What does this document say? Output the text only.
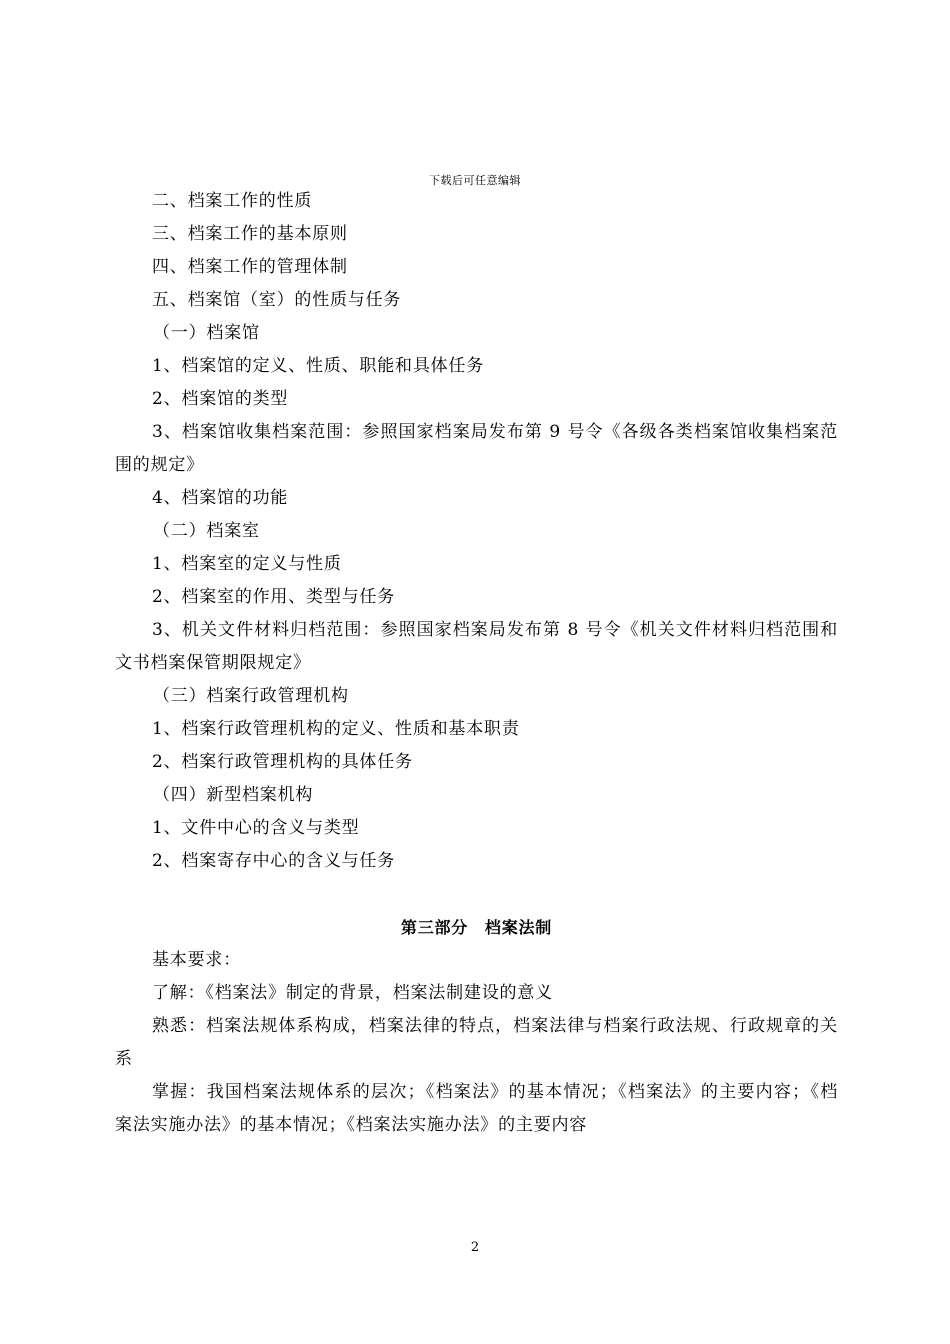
下载后可任意编辑
二、档案工作的性质
三、档案工作的基本原则
四、档案工作的管理体制
五、档案馆（室）的性质与任务
（一）档案馆
1、档案馆的定义、性质、职能和具体任务
2、档案馆的类型
3、档案馆收集档案范围：参照国家档案局发布第 9 号令《各级各类档案馆收集档案范围的规定》
4、档案馆的功能
（二）档案室
1、档案室的定义与性质
2、档案室的作用、类型与任务
3、机关文件材料归档范围：参照国家档案局发布第 8 号令《机关文件材料归档范围和文书档案保管期限规定》
（三）档案行政管理机构
1、档案行政管理机构的定义、性质和基本职责
2、档案行政管理机构的具体任务
（四）新型档案机构
1、文件中心的含义与类型
2、档案寄存中心的含义与任务
第三部分　档案法制
基本要求：
了解：《档案法》制定的背景，档案法制建设的意义
熟悉：档案法规体系构成，档案法律的特点，档案法律与档案行政法规、行政规章的关系
掌握：我国档案法规体系的层次；《档案法》的基本情况；《档案法》的主要内容；《档案法实施办法》的基本情况；《档案法实施办法》的主要内容
2
